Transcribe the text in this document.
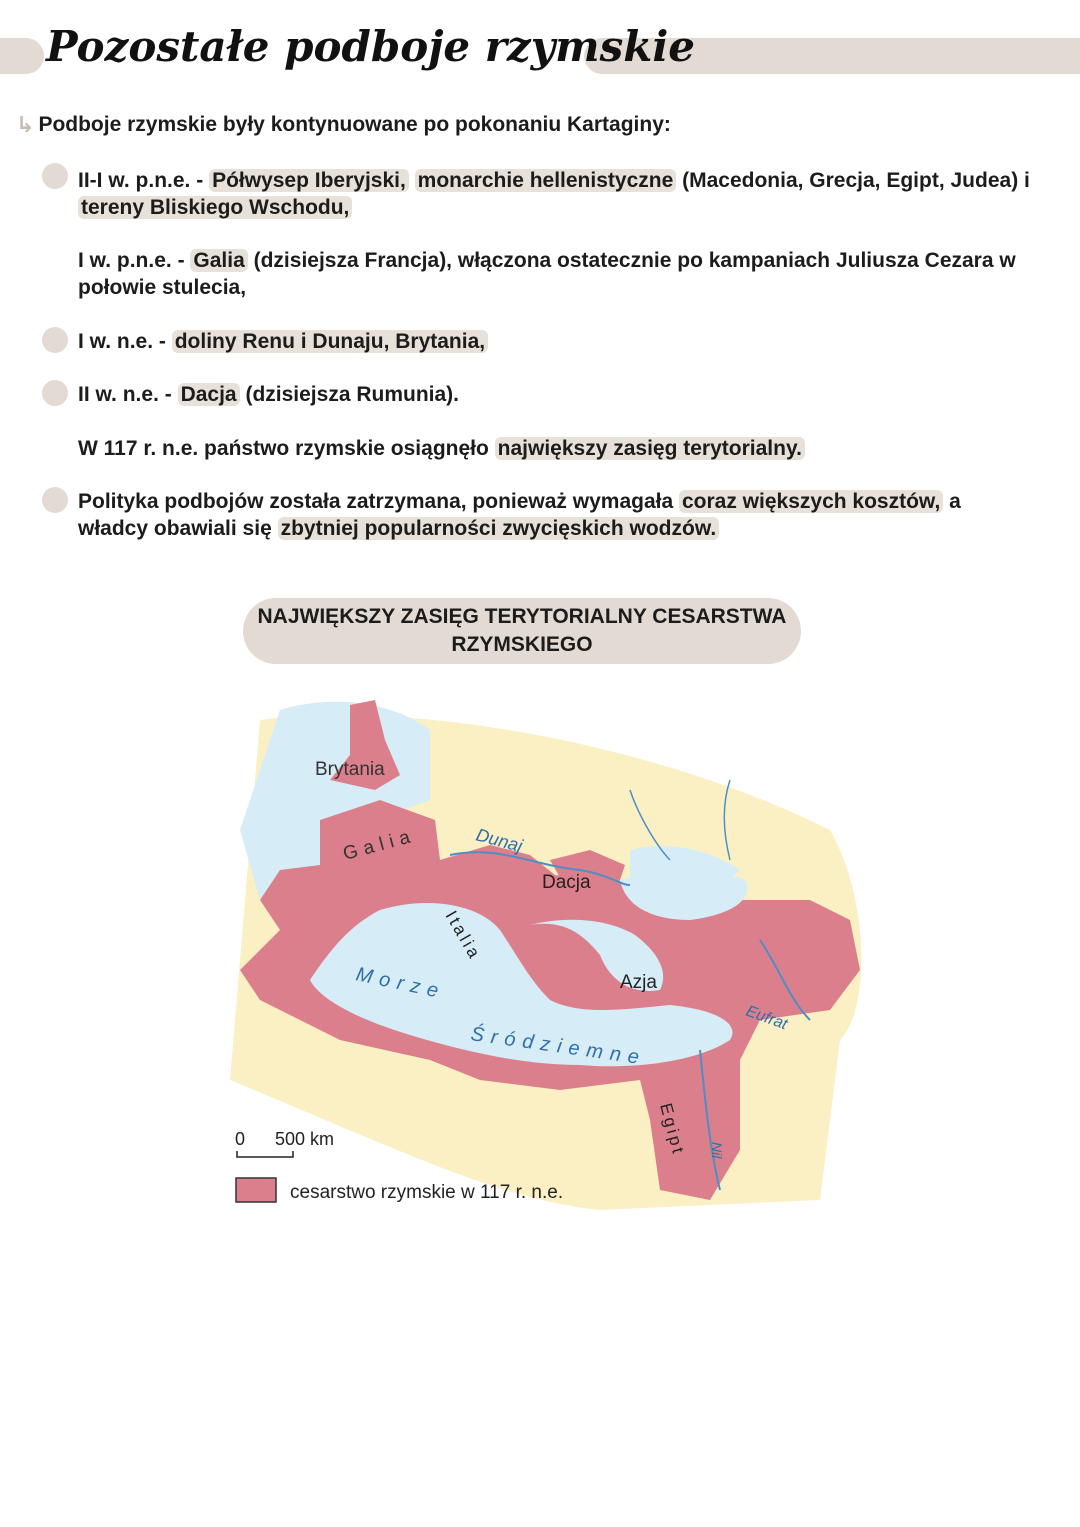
Pozostałe podboje rzymskie
↳ Podboje rzymskie były kontynuowane po pokonaniu Kartaginy:
II-I w. p.n.e. - Półwysep Iberyjski, monarchie hellenistyczne (Macedonia, Grecja, Egipt, Judea) i
tereny Bliskiego Wschodu,
I w. p.n.e. - Galia (dzisiejsza Francja), włączona ostatecznie po kampaniach Juliusza Cezara w
połowie stulecia,
I w. n.e. - doliny Renu i Dunaju, Brytania,
II w. n.e. - Dacja (dzisiejsza Rumunia).
W 117 r. n.e. państwo rzymskie osiągnęło największy zasięg terytorialny.
Polityka podbojów została zatrzymana, ponieważ wymagała coraz większych kosztów, a
władcy obawiali się zbytniej popularności zwycięskich wodzów.
NAJWIĘKSZY ZASIĘG TERYTORIALNY CESARSTWA
RZYMSKIEGO
Brytania
Galia	Dunaj
Dacja
Italia
Morze
Śródziemne
Azja
Eufrat
Egipt Nil
0 500 km
cesarstwo rzymskie w 117 r. n.e.
